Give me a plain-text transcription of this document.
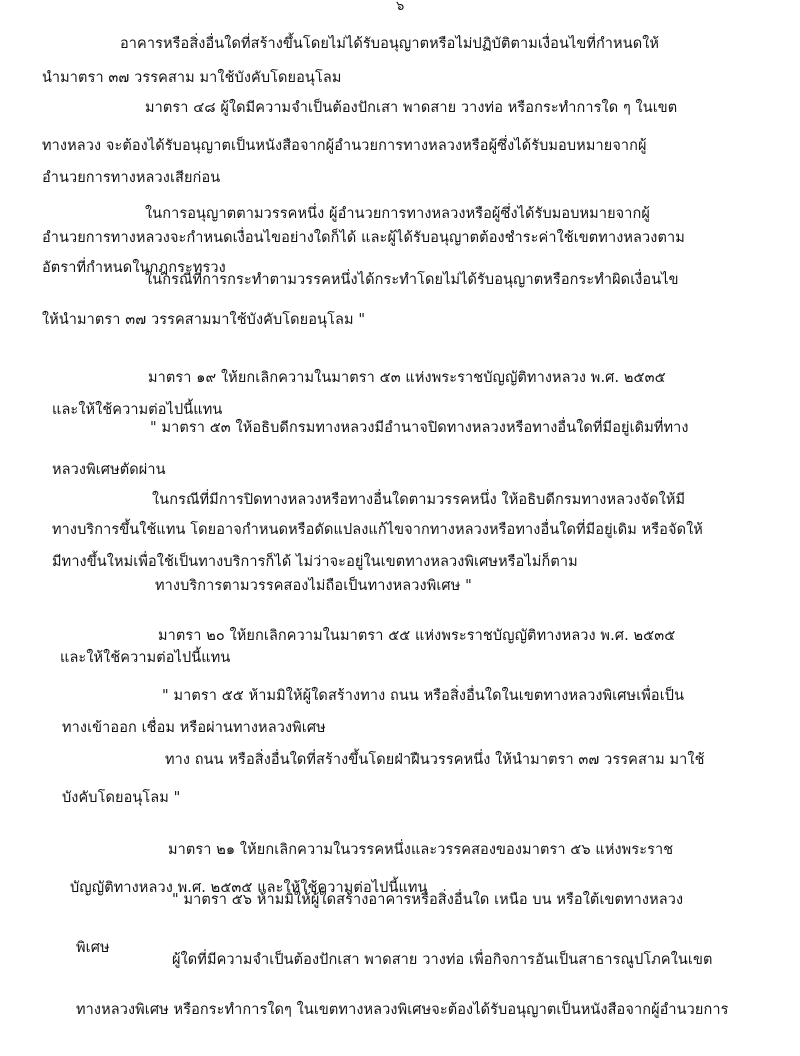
๖
อาคารหรือสิ่งอื่นใดที่สร้างขึ้นโดยไม่ได้รับอนุญาตหรือไม่ปฏิบัติตามเงื่อนไขที่กำหนดให้
นำมาตรา ๓๗ วรรคสาม มาใช้บังคับโดยอนุโลม
มาตรา ๔๘ ผู้ใดมีความจำเป็นต้องปักเสา พาดสาย วางท่อ หรือกระทำการใด ๆ ในเขต
ทางหลวง จะต้องได้รับอนุญาตเป็นหนังสือจากผู้อำนวยการทางหลวงหรือผู้ซึ่งได้รับมอบหมายจากผู้
อำนวยการทางหลวงเสียก่อน
ในการอนุญาตตามวรรคหนึ่ง ผู้อำนวยการทางหลวงหรือผู้ซึ่งได้รับมอบหมายจากผู้
อำนวยการทางหลวงจะกำหนดเงื่อนไขอย่างใดก็ได้ และผู้ได้รับอนุญาตต้องชำระค่าใช้เขตทางหลวงตาม
อัตราที่กำหนดในกฎกระทรวง
ในกรณีที่การกระทำตามวรรคหนึ่งได้กระทำโดยไม่ได้รับอนุญาตหรือกระทำผิดเงื่อนไข
ให้นำมาตรา ๓๗ วรรคสามมาใช้บังคับโดยอนุโลม "
มาตรา ๑๙ ให้ยกเลิกความในมาตรา ๕๓ แห่งพระราชบัญญัติทางหลวง พ.ศ. ๒๕๓๕
และให้ใช้ความต่อไปนี้แทน
" มาตรา ๕๓ ให้อธิบดีกรมทางหลวงมีอำนาจปิดทางหลวงหรือทางอื่นใดที่มีอยู่เดิมที่ทาง
หลวงพิเศษตัดผ่าน
ในกรณีที่มีการปิดทางหลวงหรือทางอื่นใดตามวรรคหนึ่ง ให้อธิบดีกรมทางหลวงจัดให้มี
ทางบริการขึ้นใช้แทน โดยอาจกำหนดหรือดัดแปลงแก้ไขจากทางหลวงหรือทางอื่นใดที่มีอยู่เดิม หรือจัดให้
มีทางขึ้นใหม่เพื่อใช้เป็นทางบริการก็ได้ ไม่ว่าจะอยู่ในเขตทางหลวงพิเศษหรือไม่ก็ตาม
ทางบริการตามวรรคสองไม่ถือเป็นทางหลวงพิเศษ "
มาตรา ๒๐ ให้ยกเลิกความในมาตรา ๕๕ แห่งพระราชบัญญัติทางหลวง พ.ศ. ๒๕๓๕
และให้ใช้ความต่อไปนี้แทน
" มาตรา ๕๕ ห้ามมิให้ผู้ใดสร้างทาง ถนน หรือสิ่งอื่นใดในเขตทางหลวงพิเศษเพื่อเป็น
ทางเข้าออก เชื่อม หรือผ่านทางหลวงพิเศษ
ทาง ถนน หรือสิ่งอื่นใดที่สร้างขึ้นโดยฝ่าฝืนวรรคหนึ่ง ให้นำมาตรา ๓๗ วรรคสาม มาใช้
บังคับโดยอนุโลม "
มาตรา ๒๑ ให้ยกเลิกความในวรรคหนึ่งและวรรคสองของมาตรา ๕๖ แห่งพระราช
บัญญัติทางหลวง พ.ศ. ๒๕๓๕ และให้ใช้ความต่อไปนี้แทน
" มาตรา ๕๖ ห้ามมิให้ผู้ใดสร้างอาคารหรือสิ่งอื่นใด เหนือ บน หรือใต้เขตทางหลวง
พิเศษ
ผู้ใดที่มีความจำเป็นต้องปักเสา พาดสาย วางท่อ เพื่อกิจการอันเป็นสาธารณูปโภคในเขต
ทางหลวงพิเศษ หรือกระทำการใดๆ ในเขตทางหลวงพิเศษจะต้องได้รับอนุญาตเป็นหนังสือจากผู้อำนวยการ
